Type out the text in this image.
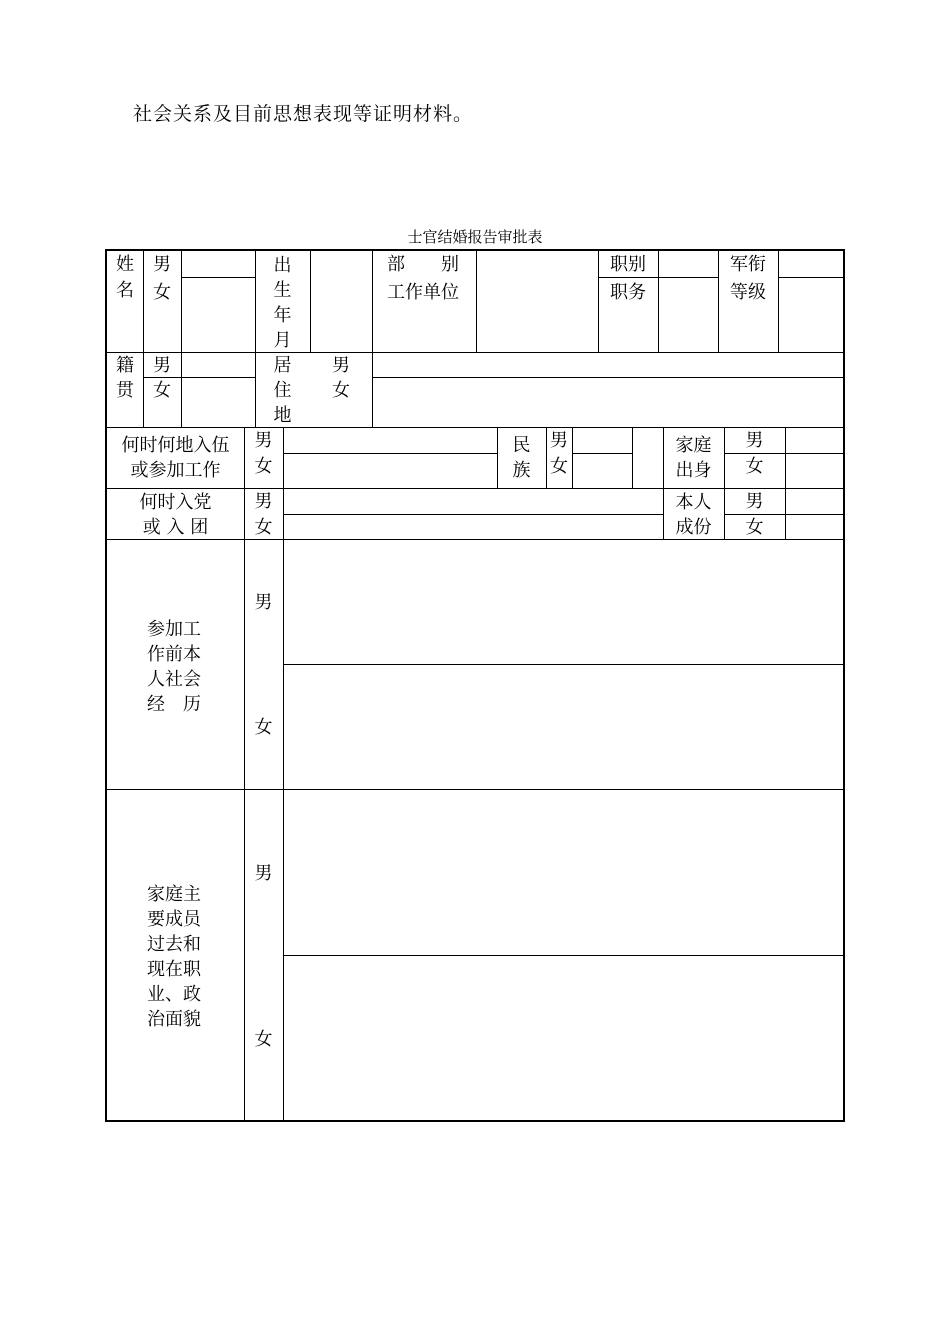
社会关系及目前思想表现等证明材料。
士官结婚报告审批表
姓
名
男
女
出
生
年
月
部　　别
工作单位
职别
职务
军衔
等级
籍
贯
男
女
居
住
地
男
女
何时何地入伍
或参加工作
男
女
民
族
男
女
家庭
出身
男
女
何时入党
或 入 团
男
女
本人
成份
男
女
参加工
作前本
人社会
经　历
男
女
家庭主
要成员
过去和
现在职
业、政
治面貌
男
女
